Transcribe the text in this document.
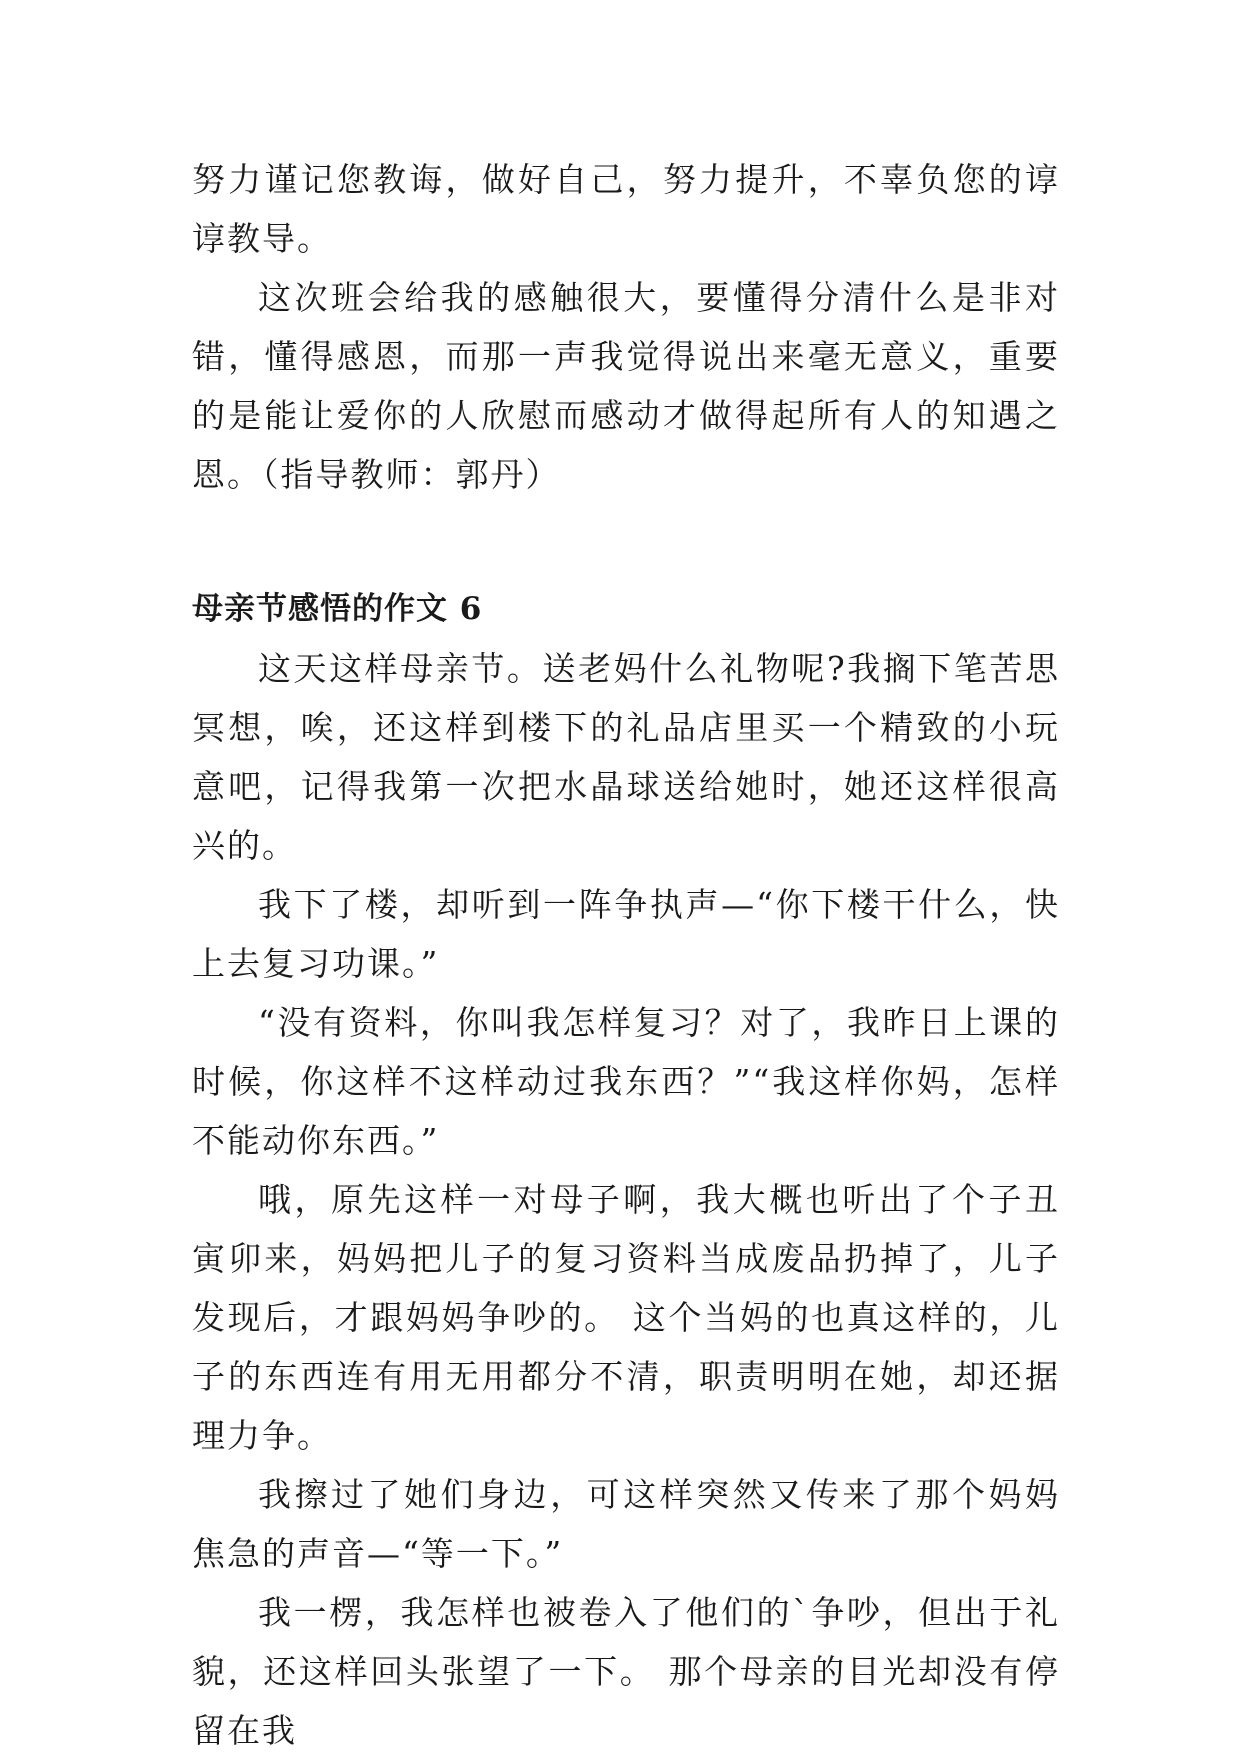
努力谨记您教诲，做好自己，努力提升，不辜负您的谆谆教导。

这次班会给我的感触很大，要懂得分清什么是非对错，懂得感恩，而那一声我觉得说出来毫无意义，重要的是能让爱你的人欣慰而感动才做得起所有人的知遇之恩。（指导教师：郭丹）

母亲节感悟的作文 6

这天这样母亲节。送老妈什么礼物呢?我搁下笔苦思冥想，唉，还这样到楼下的礼品店里买一个精致的小玩意吧，记得我第一次把水晶球送给她时，她还这样很高兴的。

我下了楼，却听到一阵争执声—“你下楼干什么，快上去复习功课。”

“没有资料，你叫我怎样复习？对了，我昨日上课的时候，你这样不这样动过我东西？”“我这样你妈，怎样不能动你东西。”

哦，原先这样一对母子啊，我大概也听出了个子丑寅卯来，妈妈把儿子的复习资料当成废品扔掉了，儿子发现后，才跟妈妈争吵的。 这个当妈的也真这样的，儿子的东西连有用无用都分不清，职责明明在她，却还据理力争。

我擦过了她们身边，可这样突然又传来了那个妈妈焦急的声音—“等一下。”

我一楞，我怎样也被卷入了他们的`争吵，但出于礼貌，还这样回头张望了一下。 那个母亲的目光却没有停留在我
